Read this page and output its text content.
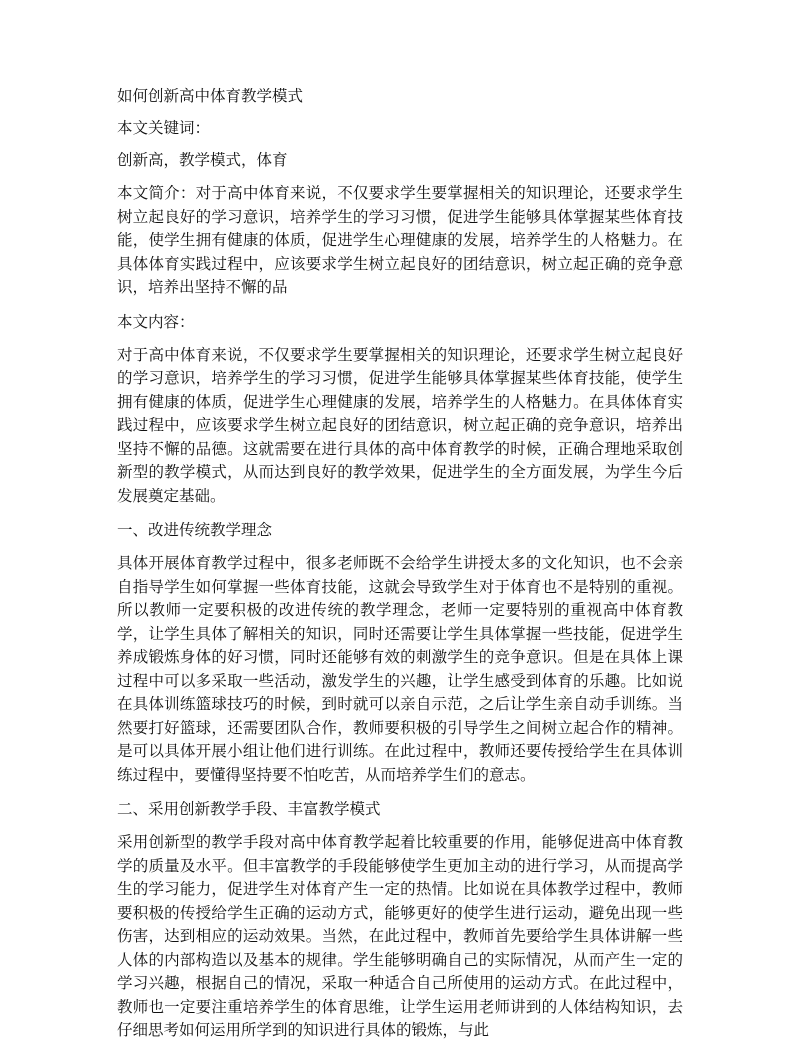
如何创新高中体育教学模式

本文关键词：

创新高，教学模式，体育

本文简介：对于高中体育来说，不仅要求学生要掌握相关的知识理论，还要求学生树立起良好的学习意识，培养学生的学习习惯，促进学生能够具体掌握某些体育技能，使学生拥有健康的体质，促进学生心理健康的发展，培养学生的人格魅力。在具体体育实践过程中，应该要求学生树立起良好的团结意识，树立起正确的竞争意识，培养出坚持不懈的品

本文内容：

对于高中体育来说，不仅要求学生要掌握相关的知识理论，还要求学生树立起良好的学习意识，培养学生的学习习惯，促进学生能够具体掌握某些体育技能，使学生拥有健康的体质，促进学生心理健康的发展，培养学生的人格魅力。在具体体育实践过程中，应该要求学生树立起良好的团结意识，树立起正确的竞争意识，培养出坚持不懈的品德。这就需要在进行具体的高中体育教学的时候，正确合理地采取创新型的教学模式，从而达到良好的教学效果，促进学生的全方面发展，为学生今后发展奠定基础。

一、改进传统教学理念

具体开展体育教学过程中，很多老师既不会给学生讲授太多的文化知识，也不会亲自指导学生如何掌握一些体育技能，这就会导致学生对于体育也不是特别的重视。所以教师一定要积极的改进传统的教学理念，老师一定要特别的重视高中体育教学，让学生具体了解相关的知识，同时还需要让学生具体掌握一些技能，促进学生养成锻炼身体的好习惯，同时还能够有效的刺激学生的竞争意识。但是在具体上课过程中可以多采取一些活动，激发学生的兴趣，让学生感受到体育的乐趣。比如说在具体训练篮球技巧的时候，到时就可以亲自示范，之后让学生亲自动手训练。当然要打好篮球，还需要团队合作，教师要积极的引导学生之间树立起合作的精神。是可以具体开展小组让他们进行训练。在此过程中，教师还要传授给学生在具体训练过程中，要懂得坚持要不怕吃苦，从而培养学生们的意志。

二、采用创新教学手段、丰富教学模式

采用创新型的教学手段对高中体育教学起着比较重要的作用，能够促进高中体育教学的质量及水平。但丰富教学的手段能够使学生更加主动的进行学习，从而提高学生的学习能力，促进学生对体育产生一定的热情。比如说在具体教学过程中，教师要积极的传授给学生正确的运动方式，能够更好的使学生进行运动，避免出现一些伤害，达到相应的运动效果。当然，在此过程中，教师首先要给学生具体讲解一些人体的内部构造以及基本的规律。学生能够明确自己的实际情况，从而产生一定的学习兴趣，根据自己的情况，采取一种适合自己所使用的运动方式。在此过程中，教师也一定要注重培养学生的体育思维，让学生运用老师讲到的人体结构知识，去仔细思考如何运用所学到的知识进行具体的锻炼，与此
